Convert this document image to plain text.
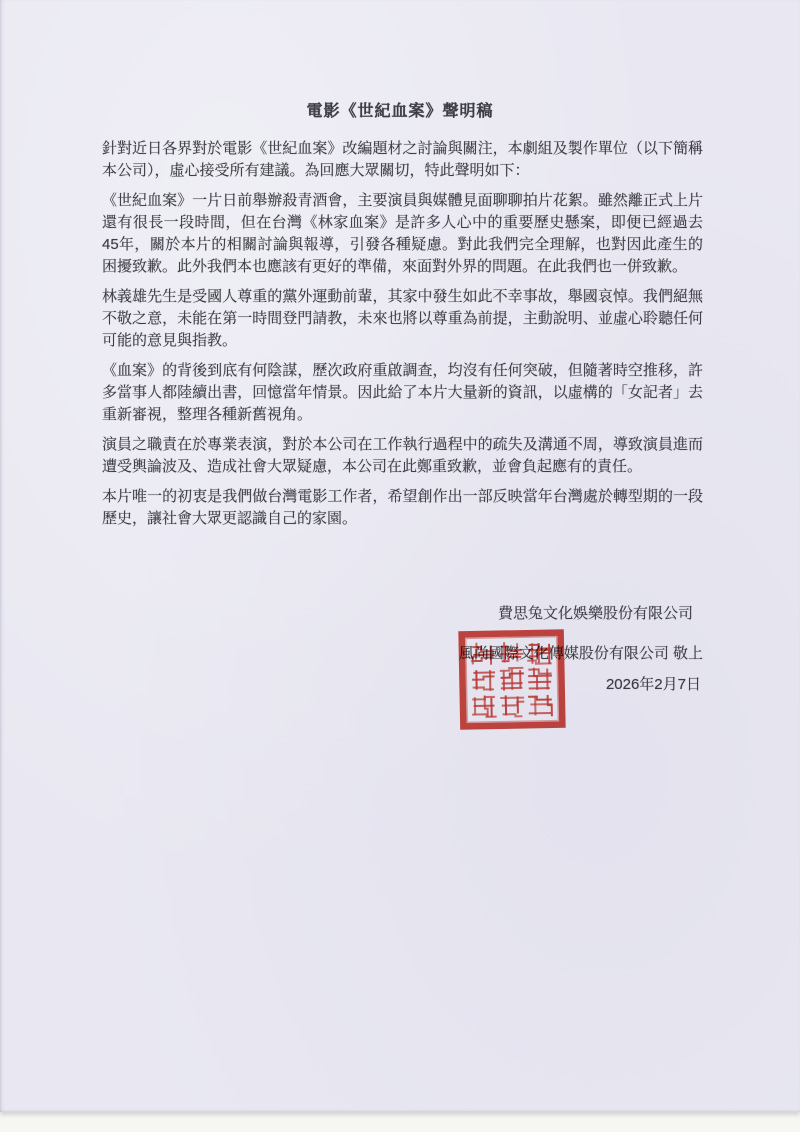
電影《世紀血案》聲明稿

針對近日各界對於電影《世紀血案》改編題材之討論與關注，本劇組及製作單位（以下簡稱本公司），虛心接受所有建議。為回應大眾關切，特此聲明如下：

《世紀血案》一片日前舉辦殺青酒會，主要演員與媒體見面聊聊拍片花絮。雖然離正式上片還有很長一段時間，但在台灣《林家血案》是許多人心中的重要歷史懸案，即便已經過去45年，關於本片的相關討論與報導，引發各種疑慮。對此我們完全理解，也對因此產生的困擾致歉。此外我們本也應該有更好的準備，來面對外界的問題。在此我們也一併致歉。

林義雄先生是受國人尊重的黨外運動前輩，其家中發生如此不幸事故，舉國哀悼。我們絕無不敬之意，未能在第一時間登門請教，未來也將以尊重為前提，主動說明、並虛心聆聽任何可能的意見與指教。

《血案》的背後到底有何陰謀，歷次政府重啟調查，均沒有任何突破，但隨著時空推移，許多當事人都陸續出書，回憶當年情景。因此給了本片大量新的資訊，以虛構的「女記者」去重新審視，整理各種新舊視角。

演員之職責在於專業表演，對於本公司在工作執行過程中的疏失及溝通不周，導致演員進而遭受輿論波及、造成社會大眾疑慮，本公司在此鄭重致歉，並會負起應有的責任。

本片唯一的初衷是我們做台灣電影工作者，希望創作出一部反映當年台灣處於轉型期的一段歷史，讓社會大眾更認識自己的家園。

費思兔文化娛樂股份有限公司
風尚國際文化傳媒股份有限公司 敬上
2026年2月7日
